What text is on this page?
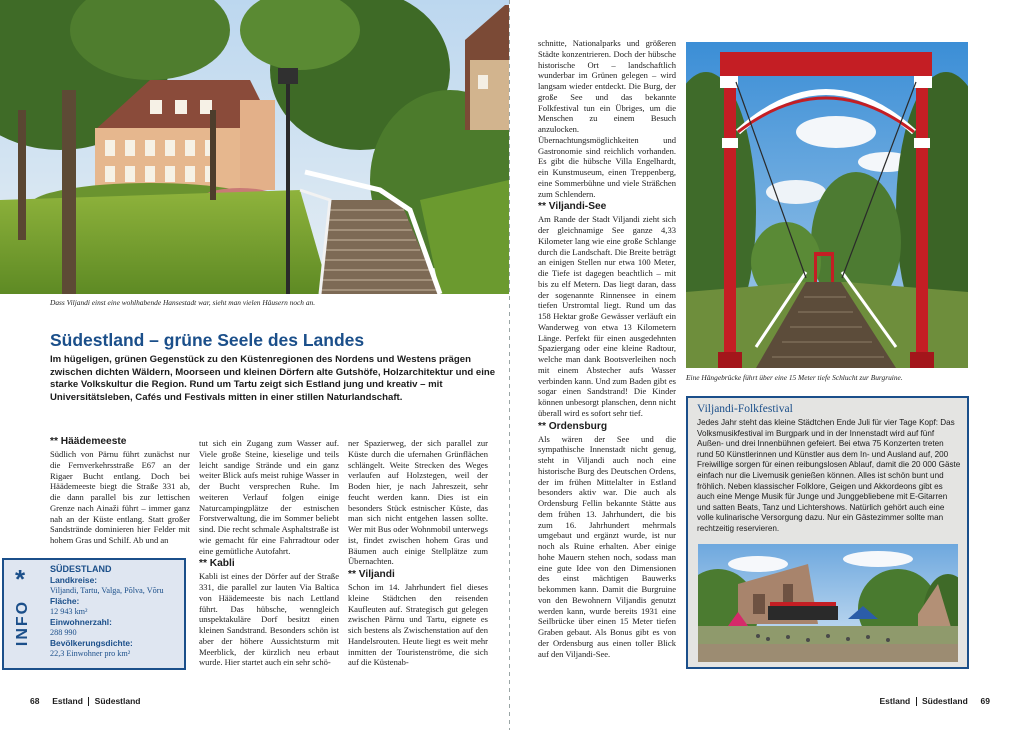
Dass Viljandi einst eine wohlhabende Hansestadt war, sieht man vielen Häusern noch an.
Südestland – grüne Seele des Landes
Im hügeligen, grünen Gegenstück zu den Küstenregionen des Nordens und Westens prägen zwischen dichten Wäldern, Moorseen und kleinen Dörfern alte Gutshöfe, Holzarchitektur und eine starke Volkskultur die Region. Rund um Tartu zeigt sich Estland jung und kreativ – mit Universitätsleben, Cafés und Festivals mitten in einer stillen Naturlandschaft.
** Häädemeeste

Südlich von Pärnu führt zunächst nur die Fernverkehrsstraße E67 an der Rigaer Bucht entlang. Doch bei Häädemeeste biegt die Straße 331 ab, die dann parallel bis zur lettischen Grenze nach Ainaži führt – immer ganz nah an der Küste entlang. Statt großer Sandstrände dominieren hier Felder mit hohem Gras und Schilf. Ab und an

tut sich ein Zugang zum Wasser auf. Viele große Steine, kieselige und teils leicht sandige Strände und ein ganz weiter Blick aufs meist ruhige Wasser in der Bucht versprechen Ruhe. Im weiteren Verlauf folgen einige Naturcampingplätze der estnischen Forstverwaltung, die im Sommer beliebt sind. Die recht schmale Asphaltstraße ist wie gemacht für eine Fahrradtour oder eine gemütliche Autofahrt.

** Kabli

Kabli ist eines der Dörfer auf der Straße 331, die parallel zur lauten Via Baltica von Häädemeeste bis nach Lettland führt. Das hübsche, wenngleich unspektakuläre Dorf besitzt einen kleinen Sandstrand. Besonders schön ist aber der höhere Aussichtsturm mit Meerblick, der kürzlich neu erbaut wurde. Hier startet auch ein sehr schö-

ner Spazierweg, der sich parallel zur Küste durch die ufernahen Grünflächen schlängelt. Weite Strecken des Weges verlaufen auf Holzstegen, weil der Boden hier, je nach Jahreszeit, sehr feucht werden kann. Dies ist ein besonders Stück estnischer Küste, das man sich nicht entgehen lassen sollte. Wer mit Bus oder Wohnmobil unterwegs ist, findet zwischen hohem Gras und Bäumen auch einige Stellplätze zum Übernachten.

** Viljandi

Schon im 14. Jahrhundert fiel dieses kleine Städtchen den reisenden Kaufleuten auf. Strategisch gut gelegen zwischen Pärnu und Tartu, eignete es sich bestens als Zwischenstation auf den Handelsrouten. Heute liegt es weit mehr inmitten der Touristenströme, die sich auf die Küstenab-

*
INFO
SÜDESTLAND
Landkreise:
Viljandi, Tartu, Valga, Põlva, Võru
Fläche:
12 943 km²
Einwohnerzahl:
288 990
Bevölkerungsdichte:
22,3 Einwohner pro km²
68 Estland Südestland

schnitte, Nationalparks und größeren Städte konzentrieren. Doch der hübsche historische Ort – landschaftlich wunderbar im Grünen gelegen – wird langsam wieder entdeckt. Die Burg, der große See und das bekannte Folkfestival tun ein Übriges, um die Menschen zu einem Besuch anzulocken. Übernachtungsmöglichkeiten und Gastronomie sind reichlich vorhanden. Es gibt die hübsche Villa Engelhardt, ein Kunstmuseum, einen Treppenberg, eine Sommerbühne und viele Sträßchen zum Schlendern.

** Viljandi-See

Am Rande der Stadt Viljandi zieht sich der gleichnamige See ganze 4,33 Kilometer lang wie eine große Schlange durch die Landschaft. Die Breite beträgt an einigen Stellen nur etwa 100 Meter, die Tiefe ist dagegen beachtlich – mit bis zu elf Metern. Das liegt daran, dass der sogenannte Rinnensee in einem tiefen Urstromtal liegt. Rund um das 158 Hektar große Gewässer verläuft ein Wanderweg von etwa 13 Kilometern Länge. Perfekt für einen ausgedehnten Spaziergang oder eine kleine Radtour, welche man dank Bootsverleihen noch mit einem Abstecher aufs Wasser verbinden kann. Und zum Baden gibt es sogar einen Sandstrand! Die Kinder können unbesorgt planschen, denn nicht überall wird es sofort sehr tief.

** Ordensburg

Als wären der See und die sympathische Innenstadt nicht genug, steht in Viljandi auch noch eine historische Burg des Deutschen Ordens, der im frühen Mittelalter in Estland besonders aktiv war. Die auch als Ordensburg Fellin bekannte Stätte aus dem frühen 13. Jahrhundert, die bis zum 16. Jahrhundert mehrmals umgebaut und ergänzt wurde, ist nur noch als Ruine erhalten. Aber einige hohe Mauern stehen noch, sodass man eine gute Idee von den Dimensionen des einst mächtigen Bauwerks bekommen kann. Damit die Burgruine von den Bewohnern Viljandis genutzt werden kann, wurde bereits 1931 eine Seilbrücke über einen 15 Meter tiefen Graben gebaut. Als Bonus gibt es von der Ordensburg aus einen toller Blick auf den Viljandi-See.

Eine Hängebrücke führt über eine 15 Meter tiefe Schlucht zur Burgruine.
Viljandi-Folkfestival
Jedes Jahr steht das kleine Städtchen Ende Juli für vier Tage Kopf: Das Volksmusikfestival im Burgpark und in der Innenstadt wird auf fünf Außen- und drei Innenbühnen gefeiert. Bei etwa 75 Konzerten treten rund 50 Künstlerinnen und Künstler aus dem In- und Ausland auf, 200 Freiwillige sorgen für einen reibungslosen Ablauf, damit die 20 000 Gäste einfach nur die Livemusik genießen können. Alles ist schön bunt und fröhlich. Neben klassischer Folklore, Geigen und Akkordeons gibt es auch eine Menge Musik für Junge und Junggebliebene mit E-Gitarren und satten Beats, Tanz und Lichtershows. Natürlich gehört auch eine volle kulinarische Versorgung dazu. Nur ein Gästezimmer sollte man rechtzeitig reservieren.
Estland Südestland 69
